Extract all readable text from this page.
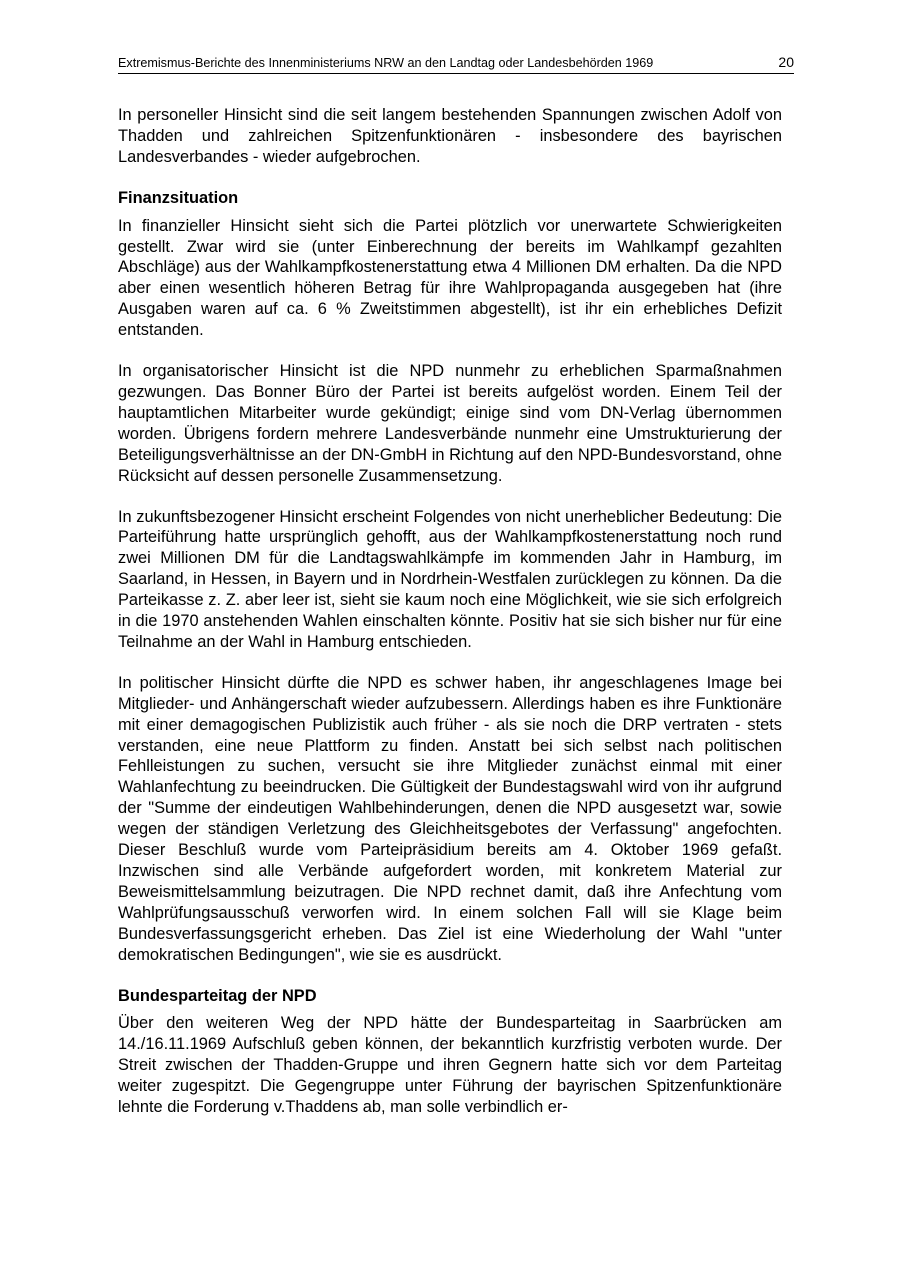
Extremismus-Berichte des Innenministeriums NRW an den Landtag oder Landesbehörden 1969	20

In personeller Hinsicht sind die seit langem bestehenden Spannungen zwischen Adolf von Thadden und zahlreichen Spitzenfunktionären - insbesondere des bayrischen Landesverbandes - wieder aufgebrochen.

Finanzsituation

In finanzieller Hinsicht sieht sich die Partei plötzlich vor unerwartete Schwierigkeiten gestellt. Zwar wird sie (unter Einberechnung der bereits im Wahlkampf gezahlten Abschläge) aus der Wahlkampfkostenerstattung etwa 4 Millionen DM erhalten. Da die NPD aber einen wesentlich höheren Betrag für ihre Wahlpropaganda ausgegeben hat (ihre Ausgaben waren auf ca. 6 % Zweitstimmen abgestellt), ist ihr ein erhebliches Defizit entstanden.

In organisatorischer Hinsicht ist die NPD nunmehr zu erheblichen Sparmaßnahmen gezwungen. Das Bonner Büro der Partei ist bereits aufgelöst worden. Einem Teil der hauptamtlichen Mitarbeiter wurde gekündigt; einige sind vom DN-Verlag übernommen worden. Übrigens fordern mehrere Landesverbände nunmehr eine Umstrukturierung der Beteiligungsverhältnisse an der DN-GmbH in Richtung auf den NPD-Bundesvorstand, ohne Rücksicht auf dessen personelle Zusammensetzung.

In zukunftsbezogener Hinsicht erscheint Folgendes von nicht unerheblicher Bedeutung: Die Parteiführung hatte ursprünglich gehofft, aus der Wahlkampfkostenerstattung noch rund zwei Millionen DM für die Landtagswahlkämpfe im kommenden Jahr in Hamburg, im Saarland, in Hessen, in Bayern und in Nordrhein-Westfalen zurücklegen zu können. Da die Parteikasse z. Z. aber leer ist, sieht sie kaum noch eine Möglichkeit, wie sie sich erfolgreich in die 1970 anstehenden Wahlen einschalten könnte. Positiv hat sie sich bisher nur für eine Teilnahme an der Wahl in Hamburg entschieden.

In politischer Hinsicht dürfte die NPD es schwer haben, ihr angeschlagenes Image bei Mitglieder- und Anhängerschaft wieder aufzubessern. Allerdings haben es ihre Funktionäre mit einer demagogischen Publizistik auch früher - als sie noch die DRP vertraten - stets verstanden, eine neue Plattform zu finden. Anstatt bei sich selbst nach politischen Fehlleistungen zu suchen, versucht sie ihre Mitglieder zunächst einmal mit einer Wahlanfechtung zu beeindrucken. Die Gültigkeit der Bundestagswahl wird von ihr aufgrund der "Summe der eindeutigen Wahlbehinderungen, denen die NPD ausgesetzt war, sowie wegen der ständigen Verletzung des Gleichheitsgebotes der Verfassung" angefochten. Dieser Beschluß wurde vom Parteipräsidium bereits am 4. Oktober 1969 gefaßt. Inzwischen sind alle Verbände aufgefordert worden, mit konkretem Material zur Beweismittelsammlung beizutragen. Die NPD rechnet damit, daß ihre Anfechtung vom Wahlprüfungsausschuß verworfen wird. In einem solchen Fall will sie Klage beim Bundesverfassungsgericht erheben. Das Ziel ist eine Wiederholung der Wahl "unter demokratischen Bedingungen", wie sie es ausdrückt.

Bundesparteitag der NPD

Über den weiteren Weg der NPD hätte der Bundesparteitag in Saarbrücken am 14./16.11.1969 Aufschluß geben können, der bekanntlich kurzfristig verboten wurde. Der Streit zwischen der Thadden-Gruppe und ihren Gegnern hatte sich vor dem Parteitag weiter zugespitzt. Die Gegengruppe unter Führung der bayrischen Spitzenfunktionäre lehnte die Forderung v.Thaddens ab, man solle verbindlich er-
